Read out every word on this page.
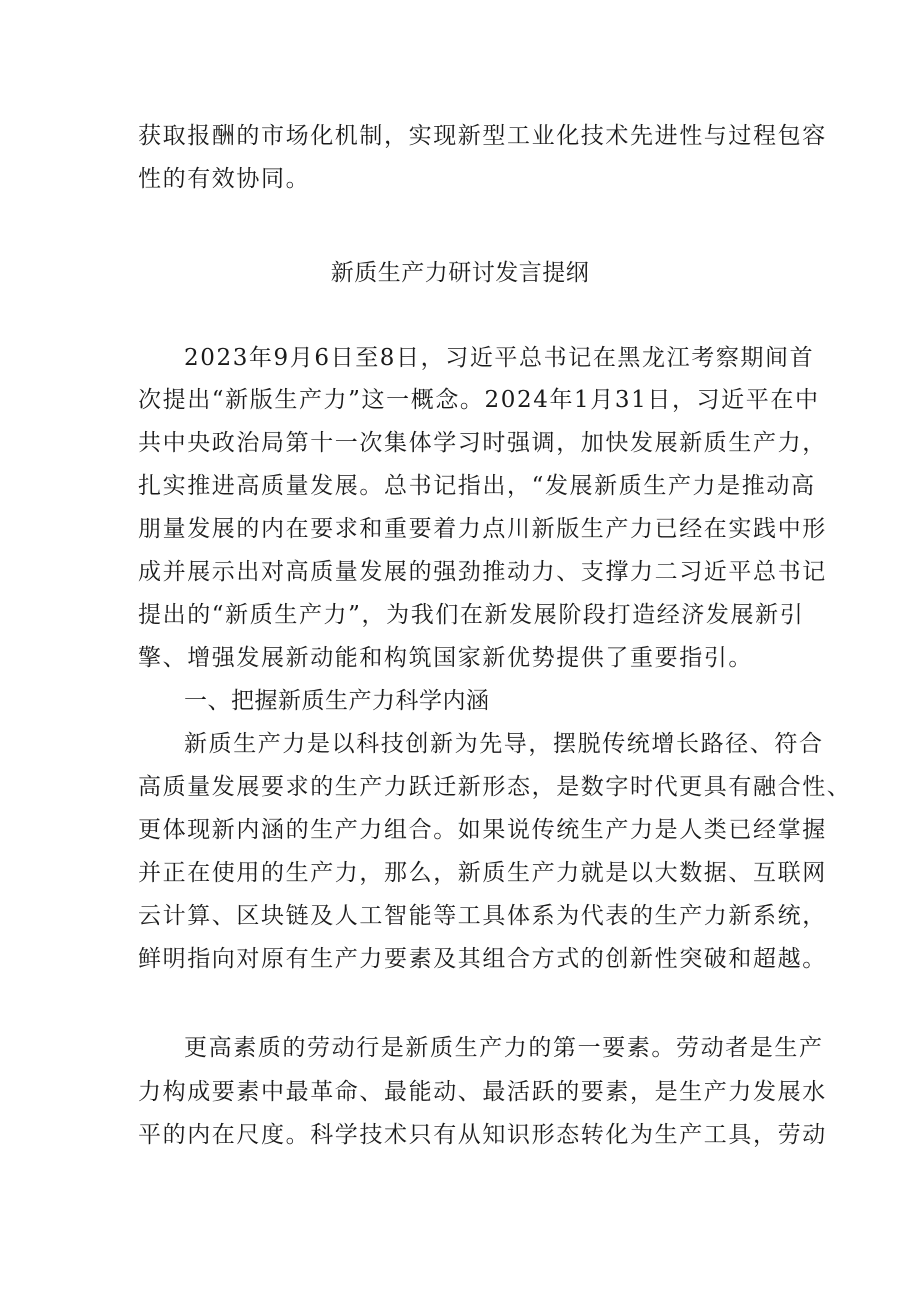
获取报酬的市场化机制，实现新型工业化技术先进性与过程包容
性的有效协同。
新质生产力研讨发言提纲
2023年9月6日至8日，习近平总书记在黑龙江考察期间首
次提出“新版生产力”这一概念。2024年1月31日，习近平在中
共中央政治局第十一次集体学习时强调，加快发展新质生产力，
扎实推进高质量发展。总书记指出，“发展新质生产力是推动高
朋量发展的内在要求和重要着力点川新版生产力已经在实践中形
成并展示出对高质量发展的强劲推动力、支撑力二习近平总书记
提出的“新质生产力”，为我们在新发展阶段打造经济发展新引
擎、增强发展新动能和构筑国家新优势提供了重要指引。
一、把握新质生产力科学内涵
新质生产力是以科技创新为先导，摆脱传统增长路径、符合
高质量发展要求的生产力跃迁新形态，是数字时代更具有融合性、
更体现新内涵的生产力组合。如果说传统生产力是人类已经掌握
并正在使用的生产力，那么，新质生产力就是以大数据、互联网
云计算、区块链及人工智能等工具体系为代表的生产力新系统，
鲜明指向对原有生产力要素及其组合方式的创新性突破和超越。
更高素质的劳动行是新质生产力的第一要素。劳动者是生产
力构成要素中最革命、最能动、最活跃的要素，是生产力发展水
平的内在尺度。科学技术只有从知识形态转化为生产工具，劳动
